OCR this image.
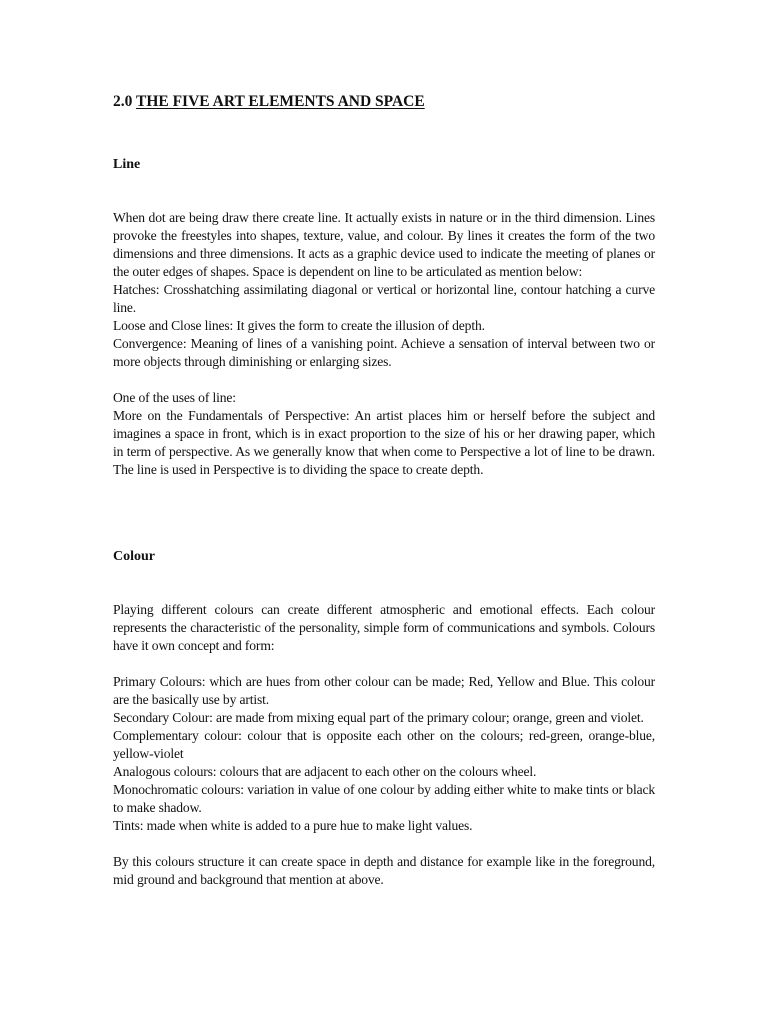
2.0 THE FIVE ART ELEMENTS AND SPACE
Line

When dot are being draw there create line. It actually exists in nature or in the third dimension. Lines provoke the freestyles into shapes, texture, value, and colour. By lines it creates the form of the two dimensions and three dimensions. It acts as a graphic device used to indicate the meeting of planes or the outer edges of shapes. Space is dependent on line to be articulated as mention below:

Hatches: Crosshatching assimilating diagonal or vertical or horizontal line, contour hatching a curve line.

Loose and Close lines: It gives the form to create the illusion of depth.

Convergence: Meaning of lines of a vanishing point. Achieve a sensation of interval between two or more objects through diminishing or enlarging sizes.

One of the uses of line:

More on the Fundamentals of Perspective: An artist places him or herself before the subject and imagines a space in front, which is in exact proportion to the size of his or her drawing paper, which in term of perspective. As we generally know that when come to Perspective a lot of line to be drawn. The line is used in Perspective is to dividing the space to create depth.

Colour

Playing different colours can create different atmospheric and emotional effects. Each colour represents the characteristic of the personality, simple form of communications and symbols. Colours have it own concept and form:

Primary Colours: which are hues from other colour can be made; Red, Yellow and Blue. This colour are the basically use by artist.

Secondary Colour: are made from mixing equal part of the primary colour; orange, green and violet.

Complementary colour: colour that is opposite each other on the colours; red-green, orange-blue, yellow-violet

Analogous colours: colours that are adjacent to each other on the colours wheel.

Monochromatic colours: variation in value of one colour by adding either white to make tints or black to make shadow.

Tints: made when white is added to a pure hue to make light values.

By this colours structure it can create space in depth and distance for example like in the foreground, mid ground and background that mention at above.
